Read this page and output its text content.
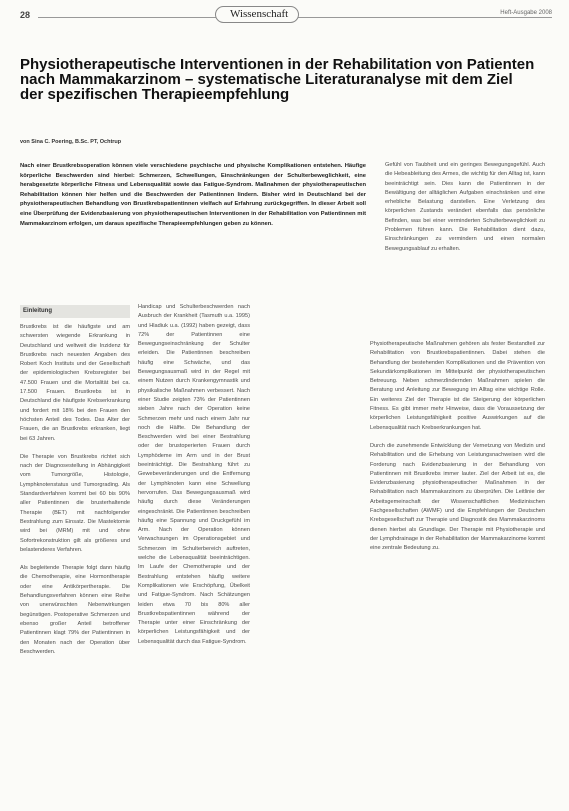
28	Wissenschaft	Heft-Ausgabe 2008
Physiotherapeutische Interventionen in der Rehabilitation von Patienten nach Mammakarzinom – systematische Literaturanalyse mit dem Ziel der spezifischen Therapieempfehlung
von Sina C. Poering, B.Sc. PT, Ochtrup

Nach einer Brustkrebsoperation können viele verschiedene psychische und physische Komplikationen entstehen. Häufige körperliche Beschwerden sind hierbei: Schmerzen, Schwellungen, Einschränkungen der Schulterbeweglichkeit, eine herabgesetzte körperliche Fitness und Lebensqualität sowie das Fatigue-Syndrom. Maßnahmen der physiotherapeutischen Rehabilitation können hier helfen und die Beschwerden der Patientinnen lindern. Bisher wird in Deutschland bei der physiotherapeutischen Behandlung von Brustkrebspatientinnen vielfach auf Erfahrung zurückgegriffen. In dieser Arbeit soll eine Überprüfung der Evidenzbasierung von physiotherapeutischen Interventionen in der Rehabilitation von Patientinnen mit Mammakarzinom erfolgen, um daraus spezifische Therapieempfehlungen geben zu können.

Gefühl von Taubheit und ein geringes Bewegungsgefühl. Auch die Hebeableitung des Armes, die wichtig für den Alltag ist, kann beeinträchtigt sein. Dies kann die Patientinnen in der Bewältigung der alltäglichen Aufgaben einschränken und eine erhebliche Belastung darstellen. Eine Verletzung des körperlichen Zustands verändert ebenfalls das persönliche Befinden, was bei einer verminderten Schulterbeweglichkeit zu Problemen führen kann. Die Rehabilitation dient dazu, Einschränkungen zu vermindern und einen normalen Bewegungsablauf zu erhalten.

Einleitung

Brustkrebs ist die häufigste und am schwersten wiegende Erkrankung in Deutschland und weltweit die Inzidenz für Brustkrebs nach neuesten Angaben des Robert Koch Instituts und der Gesellschaft der epidemiologischen Krebsregister bei 47.500 Frauen und die Mortalität bei ca. 17.500 Frauen. Brustkrebs ist in Deutschland die häufigste Krebserkrankung und fordert mit 18% bei den Frauen den höchsten Anteil des Todes. Das Alter der Frauen, die an Brustkrebs erkranken, liegt bei 63 Jahren.

Die Therapie von Brustkrebs richtet sich nach der Diagnosestellung in Abhängigkeit vom Tumorgröße, Histologie, Lymphknotenstatus und Tumorgrading. Als Standardverfahren kommt bei 60 bis 90% aller Patientinnen die brusterhaltende Therapie (BET) mit nachfolgender Bestrahlung zum Einsatz. Die Mastektomie wird bei (MRM) mit und ohne Sofortrekonstruktion gilt als größeres und belastenderes Verfahren.

Als begleitende Therapie folgt dann häufig die Chemotherapie, eine Hormontherapie oder eine Antikörpertherapie. Die Behandlungsverfahren können eine Reihe von unerwünschten Nebenwirkungen begünstigen. Postoperative Schmerzen und ebenso großer Anteil betroffener Patientinnen klagt 79% der Patientinnen in den Monaten nach der Operation über Beschwerden.

Handicap und Schulterbeschwerden nach Ausbruch der Krankheit (Tasmuth u.a. 1995) und Hladiuk u.a. (1992) haben gezeigt, dass 72% der Patientinnen eine Bewegungseinschränkung der Schulter erleiden. Die Patientinnen beschreiben häufig eine Schwäche, und das Bewegungsausmaß wird in der Regel mit einem Nutzen durch Krankengymnastik und physikalische Maßnahmen verbessert. Nach einer Studie zeigten 73% der Patientinnen sieben Jahre nach der Operation keine Schmerzen mehr und nach einem Jahr nur noch die Hälfte. Die Behandlung der Beschwerden wird bei einer Bestrahlung oder der brustoperierten Frauen durch Lymphödeme im Arm und in der Brust beeinträchtigt. Die Bestrahlung führt zu Gewebeveränderungen und die Entfernung der Lymphknoten kann eine Schwellung hervorrufen. Das Bewegungsausmaß wird häufig durch diese Veränderungen eingeschränkt. Die Patientinnen beschreiben häufig eine Spannung und Druckgefühl im Arm. Nach der Operation können Verwachsungen im Operationsgebiet und Schmerzen im Schulterbereich auftreten, welche die Lebensqualität beeinträchtigen. Im Laufe der Chemotherapie und der Bestrahlung entstehen häufig weitere Komplikationen wie Erschöpfung, Übelkeit und Fatigue-Syndrom. Nach Schätzungen leiden etwa 70 bis 80% aller Brustkrebspatientinnen während der Therapie unter einer Einschränkung der körperlichen Leistungsfähigkeit und der Lebensqualität durch das Fatigue-Syndrom.

Physiotherapeutische Maßnahmen gehören als fester Bestandteil zur Rehabilitation von Brustkrebspatientinnen. Dabei stehen die Behandlung der bestehenden Komplikationen und die Prävention von Sekundärkomplikationen im Mittelpunkt der physiotherapeutischen Betreuung. Neben schmerzlindernden Maßnahmen spielen die Beratung und Anleitung zur Bewegung im Alltag eine wichtige Rolle. Ein weiteres Ziel der Therapie ist die Steigerung der körperlichen Fitness. Es gibt immer mehr Hinweise, dass die Voraussetzung der körperlichen Leistungsfähigkeit positive Auswirkungen auf die Lebensqualität nach Krebserkrankungen hat.

Durch die zunehmende Entwicklung der Vernetzung von Medizin und Rehabilitation und die Erhebung von Leistungsnachweisen wird die Forderung nach Evidenzbasierung in der Behandlung von Patientinnen mit Brustkrebs immer lauter. Ziel der Arbeit ist es, die Evidenzbasierung physiotherapeutischer Maßnahmen in der Rehabilitation nach Mammakarzinom zu überprüfen. Die Leitlinie der Arbeitsgemeinschaft der Wissenschaftlichen Medizinischen Fachgesellschaften (AWMF) und die Empfehlungen der Deutschen Krebsgesellschaft zur Therapie und Diagnostik des Mammakarzinoms dienen hierbei als Grundlage. Der Therapie mit Physiotherapie und der Lymphdrainage in der Rehabilitation der Mammakarzinome kommt eine zentrale Bedeutung zu.
